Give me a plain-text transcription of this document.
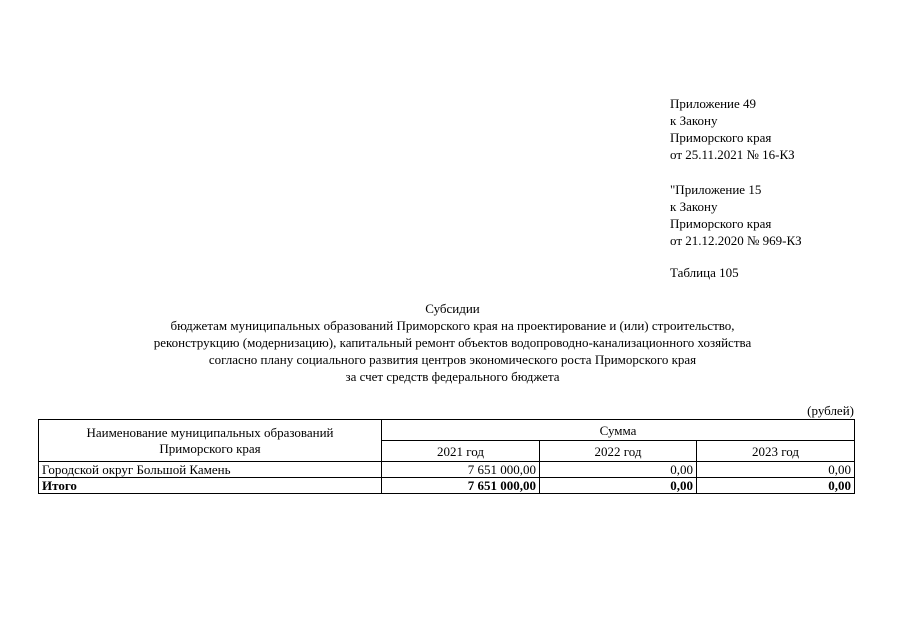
Приложение 49
к Закону
Приморского края
от 25.11.2021 № 16-КЗ
"Приложение 15
к Закону
Приморского края
от 21.12.2020 № 969-КЗ
Таблица 105
Субсидии
бюджетам муниципальных образований Приморского края на проектирование и (или) строительство,
реконструкцию (модернизацию), капитальный ремонт объектов водопроводно-канализационного хозяйства
согласно плану социального развития центров экономического роста Приморского края
за счет средств федерального бюджета
(рублей)
Наименование муниципальных образований
Приморского края	Сумма		
	2021 год	2022 год	2023 год
Городской округ Большой Камень	7 651 000,00	0,00	0,00
Итого	7 651 000,00	0,00	0,00
